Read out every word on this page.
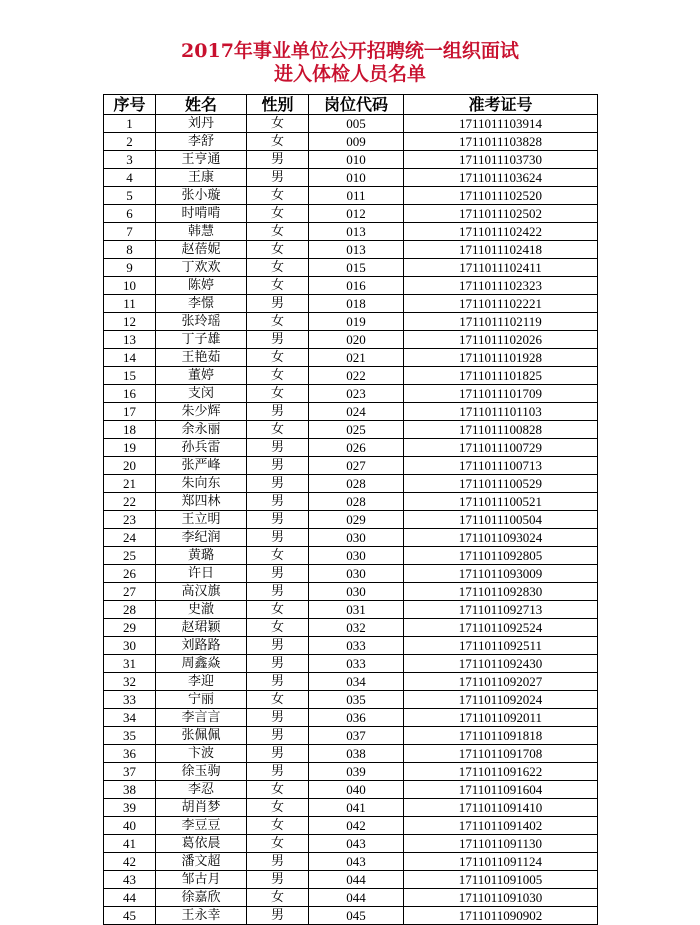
2017年事业单位公开招聘统一组织面试
进入体检人员名单
序号	姓名	性别	岗位代码	准考证号
1	刘丹	女	005	1711011103914
2	李舒	女	009	1711011103828
3	王亨通	男	010	1711011103730
4	王康	男	010	1711011103624
5	张小璇	女	011	1711011102520
6	时啃啃	女	012	1711011102502
7	韩慧	女	013	1711011102422
8	赵蓓妮	女	013	1711011102418
9	丁欢欢	女	015	1711011102411
10	陈婷	女	016	1711011102323
11	李憬	男	018	1711011102221
12	张玲瑶	女	019	1711011102119
13	丁子雄	男	020	1711011102026
14	王艳茹	女	021	1711011101928
15	董婷	女	022	1711011101825
16	支闵	女	023	1711011101709
17	朱少辉	男	024	1711011101103
18	余永丽	女	025	1711011100828
19	孙兵雷	男	026	1711011100729
20	张严峰	男	027	1711011100713
21	朱向东	男	028	1711011100529
22	郑四林	男	028	1711011100521
23	王立明	男	029	1711011100504
24	李纪润	男	030	1711011093024
25	黄璐	女	030	1711011092805
26	许日	男	030	1711011093009
27	高汉旗	男	030	1711011092830
28	史澈	女	031	1711011092713
29	赵珺颖	女	032	1711011092524
30	刘路路	男	033	1711011092511
31	周鑫焱	男	033	1711011092430
32	李迎	男	034	1711011092027
33	宁丽	女	035	1711011092024
34	李言言	男	036	1711011092011
35	张佩佩	男	037	1711011091818
36	卞波	男	038	1711011091708
37	徐玉驹	男	039	1711011091622
38	李忍	女	040	1711011091604
39	胡肖梦	女	041	1711011091410
40	李豆豆	女	042	1711011091402
41	葛依晨	女	043	1711011091130
42	潘文超	男	043	1711011091124
43	邹古月	男	044	1711011091005
44	徐嘉欣	女	044	1711011091030
45	王永幸	男	045	1711011090902
